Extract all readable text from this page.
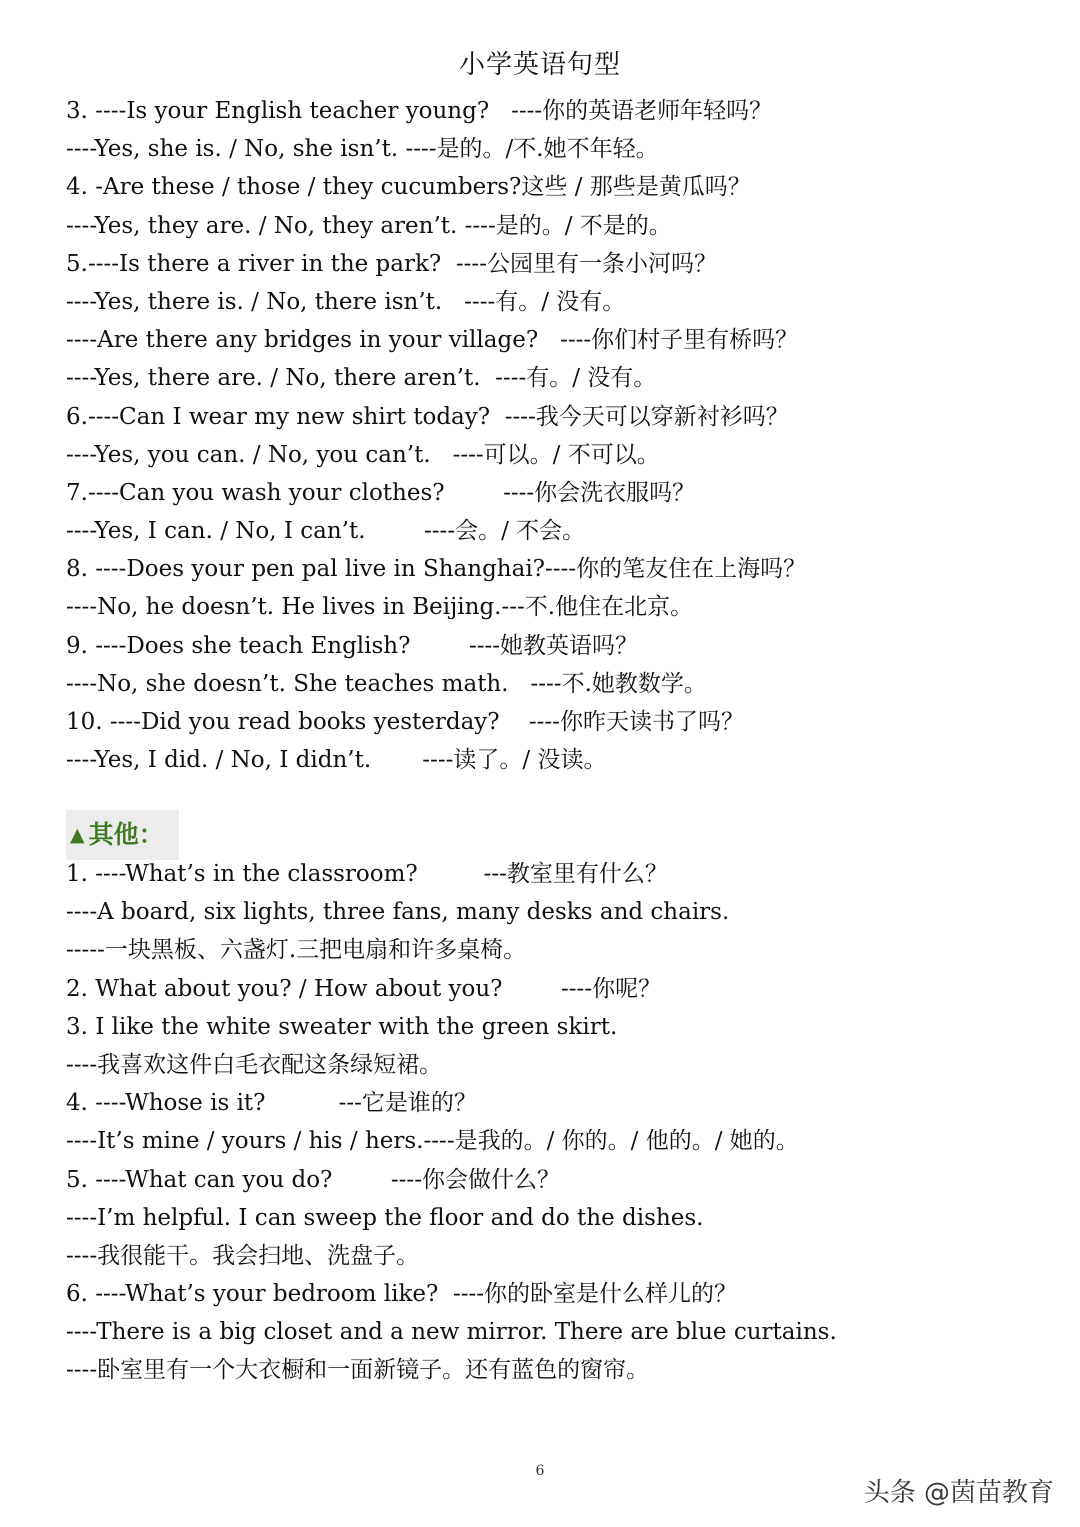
小学英语句型
3. ----Is your English teacher young?   ----你的英语老师年轻吗？
----Yes, she is. / No, she isn’t. ----是的。/不.她不年轻。
4. -Are these / those / they cucumbers?这些 / 那些是黄瓜吗？
----Yes, they are. / No, they aren’t. ----是的。/ 不是的。
5.----Is there a river in the park?  ----公园里有一条小河吗？
----Yes, there is. / No, there isn’t.   ----有。/ 没有。
----Are there any bridges in your village?   ----你们村子里有桥吗？
----Yes, there are. / No, there aren’t.  ----有。/ 没有。
6.----Can I wear my new shirt today?  ----我今天可以穿新衬衫吗？
----Yes, you can. / No, you can’t.   ----可以。/ 不可以。
7.----Can you wash your clothes?        ----你会洗衣服吗？
----Yes, I can. / No, I can’t.        ----会。/ 不会。
8. ----Does your pen pal live in Shanghai?----你的笔友住在上海吗？
----No, he doesn’t. He lives in Beijing.---不.他住在北京。
9. ----Does she teach English?        ----她教英语吗？
----No, she doesn’t. She teaches math.   ----不.她教数学。
10. ----Did you read books yesterday?    ----你昨天读书了吗？
----Yes, I did. / No, I didn’t.       ----读了。/ 没读。
▲ 其他：
1. ----What’s in the classroom?         ---教室里有什么？
----A board, six lights, three fans, many desks and chairs.
-----一块黑板、六盏灯.三把电扇和许多桌椅。
2. What about you? / How about you?        ----你呢？
3. I like the white sweater with the green skirt.
----我喜欢这件白毛衣配这条绿短裙。
4. ----Whose is it?          ---它是谁的？
----It’s mine / yours / his / hers.----是我的。/ 你的。/ 他的。/ 她的。
5. ----What can you do?        ----你会做什么？
----I’m helpful. I can sweep the floor and do the dishes.
----我很能干。我会扫地、洗盘子。
6. ----What’s your bedroom like?  ----你的卧室是什么样儿的？
----There is a big closet and a new mirror. There are blue curtains.
----卧室里有一个大衣橱和一面新镜子。还有蓝色的窗帘。
6
头条 @茵苗教育
